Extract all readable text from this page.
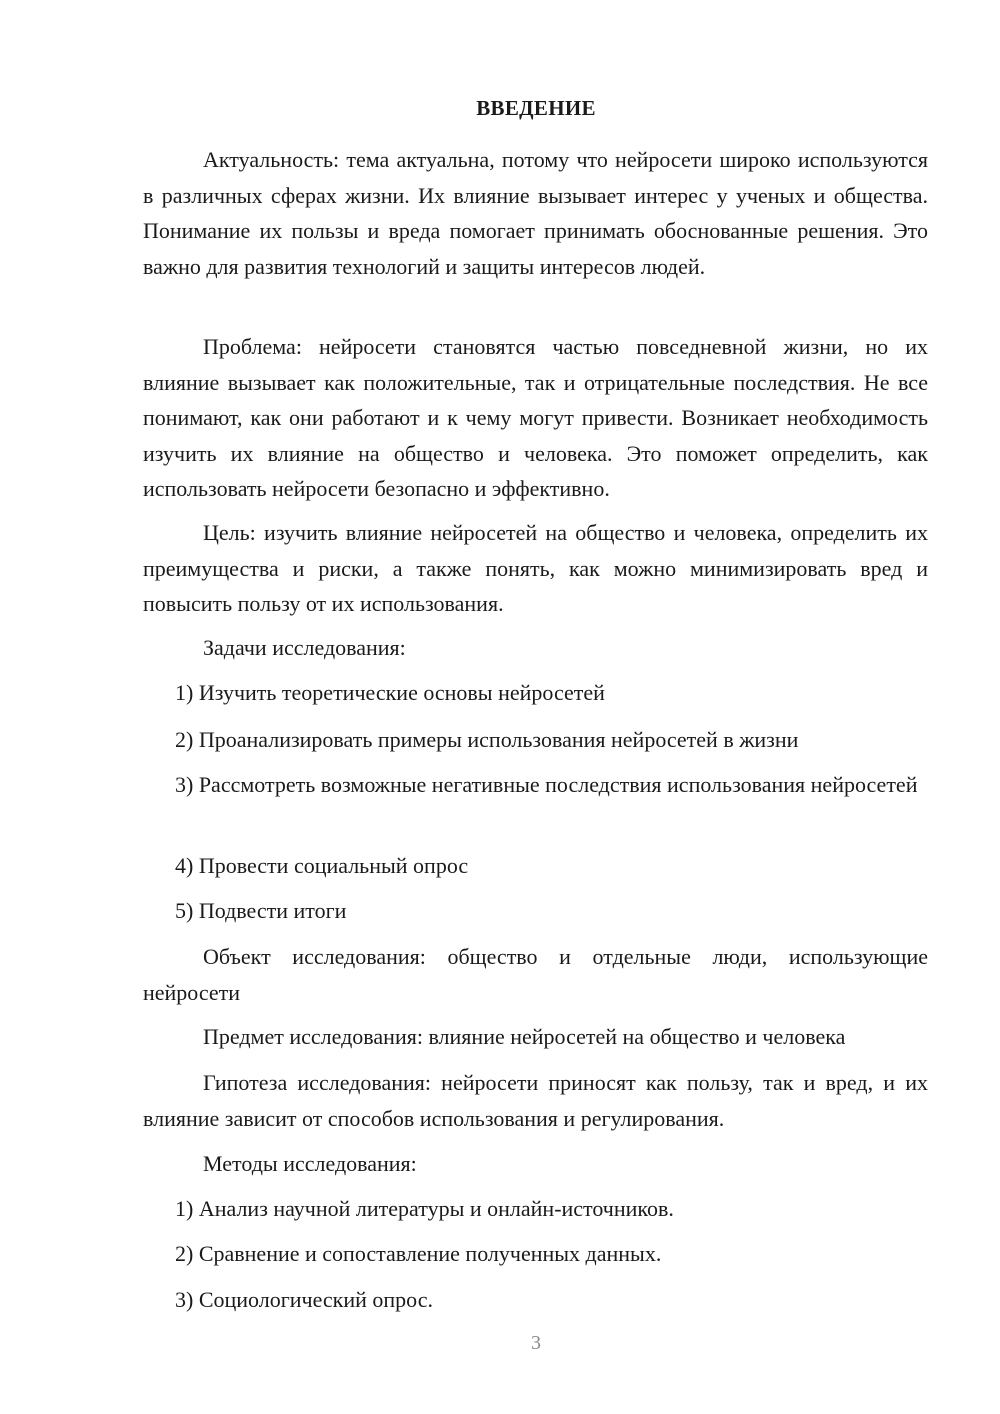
ВВЕДЕНИЕ

Актуальность: тема актуальна, потому что нейросети широко используются в различных сферах жизни. Их влияние вызывает интерес у ученых и общества. Понимание их пользы и вреда помогает принимать обоснованные решения. Это важно для развития технологий и защиты интересов людей.

Проблема: нейросети становятся частью повседневной жизни, но их влияние вызывает как положительные, так и отрицательные последствия. Не все понимают, как они работают и к чему могут привести. Возникает необходимость изучить их влияние на общество и человека. Это поможет определить, как использовать нейросети безопасно и эффективно.

Цель: изучить влияние нейросетей на общество и человека, определить их преимущества и риски, а также понять, как можно минимизировать вред и повысить пользу от их использования.

Задачи исследования:

1) Изучить теоретические основы нейросетей

2) Проанализировать примеры использования нейросетей в жизни

3) Рассмотреть возможные негативные последствия использования нейросетей

4) Провести социальный опрос

5) Подвести итоги

Объект исследования: общество и отдельные люди, использующие нейросети

Предмет исследования: влияние нейросетей на общество и человека

Гипотеза исследования: нейросети приносят как пользу, так и вред, и их влияние зависит от способов использования и регулирования.

Методы исследования:

1) Анализ научной литературы и онлайн-источников.

2) Сравнение и сопоставление полученных данных.

3) Социологический опрос.

3
